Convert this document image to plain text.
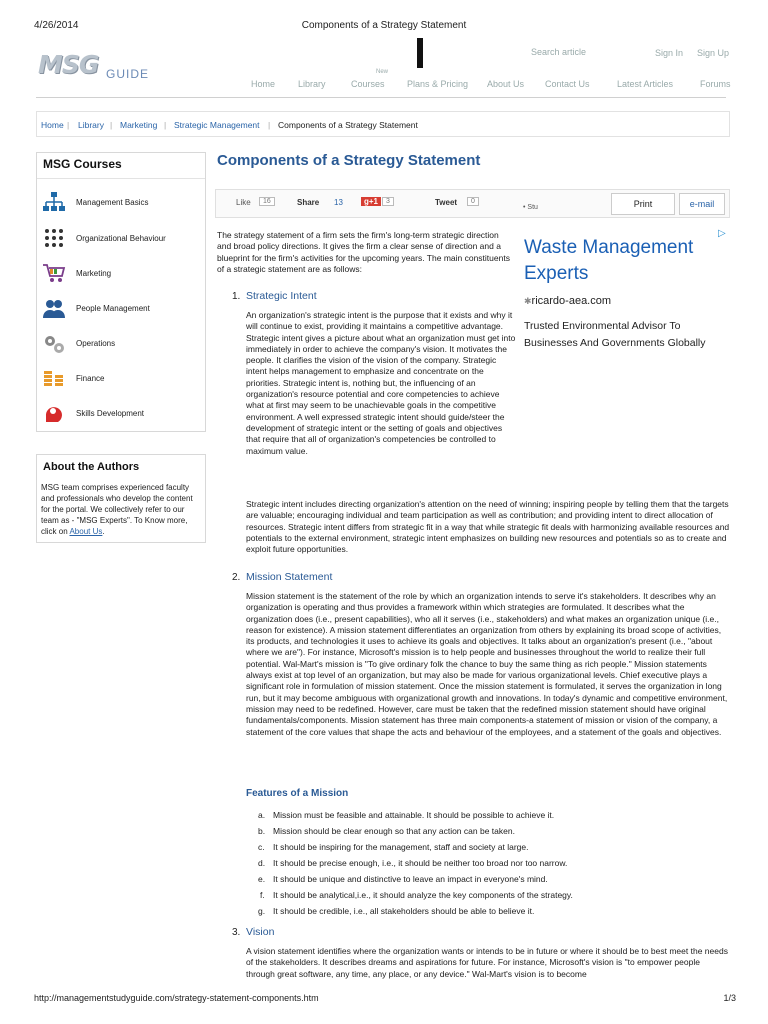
4/26/2014	Components of a Strategy Statement
MSG GUIDE
Search article	Sign In Sign Up
New
Home	Library	Courses Plans & Pricing About Us Contact Us	Latest Articles	Forums
Home | Library | Marketing | Strategic Management | Components of a Strategy Statement
MSG Courses
Management Basics
Organizational Behaviour
Marketing
People Management
Operations
Finance
Skills Development
About the Authors
MSG team comprises experienced faculty and professionals who develop the content for the portal. We collectively refer to our team as - "MSG Experts". To Know more, click on About Us.
Components of a Strategy Statement
Like	16	Share 13	g+1	3	Tweet	0
• Stu	Print	e-mail
The strategy statement of a firm sets the firm's long-term strategic direction and broad policy directions. It gives the firm a clear sense of direction and a blueprint for the firm's activities for the upcoming years. The main constituents of a strategic statement are as follows:
1. Strategic Intent
An organization's strategic intent is the purpose that it exists and why it will continue to exist, providing it maintains a competitive advantage. Strategic intent gives a picture about what an organization must get into immediately in order to achieve the company's vision. It motivates the people. It clarifies the vision of the vision of the company. Strategic intent helps management to emphasize and concentrate on the priorities. Strategic intent is, nothing but, the influencing of an organization's resource potential and core competencies to achieve what at first may seem to be unachievable goals in the competitive environment. A well expressed strategic intent should guide/steer the development of strategic intent or the setting of goals and objectives that require that all of organization's competencies be controlled to maximum value.
Strategic intent includes directing organization's attention on the need of winning; inspiring people by telling them that the targets are valuable; encouraging individual and team participation as well as contribution; and providing intent to direct allocation of resources. Strategic intent differs from strategic fit in a way that while strategic fit deals with harmonizing available resources and potentials to the external environment, strategic intent emphasizes on building new resources and potentials so as to create and exploit future opportunities.
▷
Waste Management Experts
✱ricardo-aea.com
Trusted Environmental Advisor To Businesses And Governments Globally
2. Mission Statement
Mission statement is the statement of the role by which an organization intends to serve it's stakeholders. It describes why an organization is operating and thus provides a framework within which strategies are formulated. It describes what the organization does (i.e., present capabilities), who all it serves (i.e., stakeholders) and what makes an organization unique (i.e., reason for existence). A mission statement differentiates an organization from others by explaining its broad scope of activities, its products, and technologies it uses to achieve its goals and objectives. It talks about an organization's present (i.e., "about where we are"). For instance, Microsoft's mission is to help people and businesses throughout the world to realize their full potential. Wal-Mart's mission is "To give ordinary folk the chance to buy the same thing as rich people." Mission statements always exist at top level of an organization, but may also be made for various organizational levels. Chief executive plays a significant role in formulation of mission statement. Once the mission statement is formulated, it serves the organization in long run, but it may become ambiguous with organizational growth and innovations. In today's dynamic and competitive environment, mission may need to be redefined. However, care must be taken that the redefined mission statement should have original fundamentals/components. Mission statement has three main components-a statement of mission or vision of the company, a statement of the core values that shape the acts and behaviour of the employees, and a statement of the goals and objectives.
Features of a Mission
a. Mission must be feasible and attainable. It should be possible to achieve it.
b. Mission should be clear enough so that any action can be taken.
c. It should be inspiring for the management, staff and society at large.
d. It should be precise enough, i.e., it should be neither too broad nor too narrow.
e. It should be unique and distinctive to leave an impact in everyone's mind.
f. It should be analytical,i.e., it should analyze the key components of the strategy.
g. It should be credible, i.e., all stakeholders should be able to believe it.
3. Vision
A vision statement identifies where the organization wants or intends to be in future or where it should be to best meet the needs of the stakeholders. It describes dreams and aspirations for future. For instance, Microsoft's vision is "to empower people through great software, any time, any place, or any device." Wal-Mart's vision is to become
http://managementstudyguide.com/strategy-statement-components.htm	1/3
